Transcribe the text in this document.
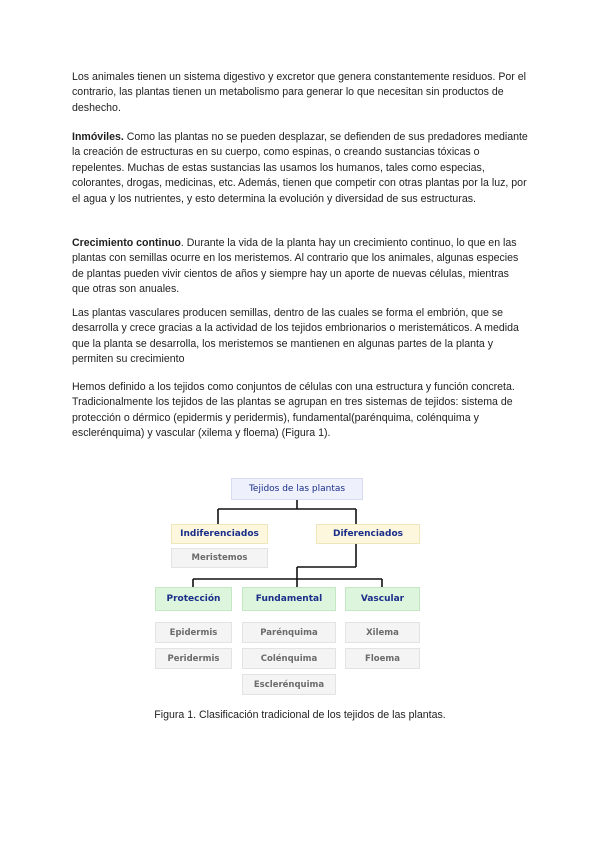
Los animales tienen un sistema digestivo y excretor que genera constantemente residuos. Por el contrario, las plantas tienen un metabolismo para generar lo que necesitan sin productos de deshecho.

Inmóviles. Como las plantas no se pueden desplazar, se defienden de sus predadores mediante la creación de estructuras en su cuerpo, como espinas, o creando sustancias tóxicas o repelentes. Muchas de estas sustancias las usamos los humanos, tales como especias, colorantes, drogas, medicinas, etc. Además, tienen que competir con otras plantas por la luz, por el agua y los nutrientes, y esto determina la evolución y diversidad de sus estructuras.

Crecimiento continuo. Durante la vida de la planta hay un crecimiento continuo, lo que en las plantas con semillas ocurre en los meristemos. Al contrario que los animales, algunas especies de plantas pueden vivir cientos de años y siempre hay un aporte de nuevas células, mientras que otras son anuales.

Las plantas vasculares producen semillas, dentro de las cuales se forma el embrión, que se desarrolla y crece gracias a la actividad de los tejidos embrionarios o meristemáticos. A medida que la planta se desarrolla, los meristemos se mantienen en algunas partes de la planta y permiten su crecimiento

Hemos definido a los tejidos como conjuntos de células con una estructura y función concreta. Tradicionalmente los tejidos de las plantas se agrupan en tres sistemas de tejidos: sistema de protección o dérmico (epidermis y peridermis), fundamental(parénquima, colénquima y esclerénquima) y vascular (xilema y floema) (Figura 1).

Tejidos de las plantas
Indiferenciados
Meristemos
Diferenciados
Protección	Fundamental	Vascular
Epidermis
Peridermis
Parénquima
Colénquima
Esclerénquima
Xilema
Floema
Figura 1. Clasificación tradicional de los tejidos de las plantas.
